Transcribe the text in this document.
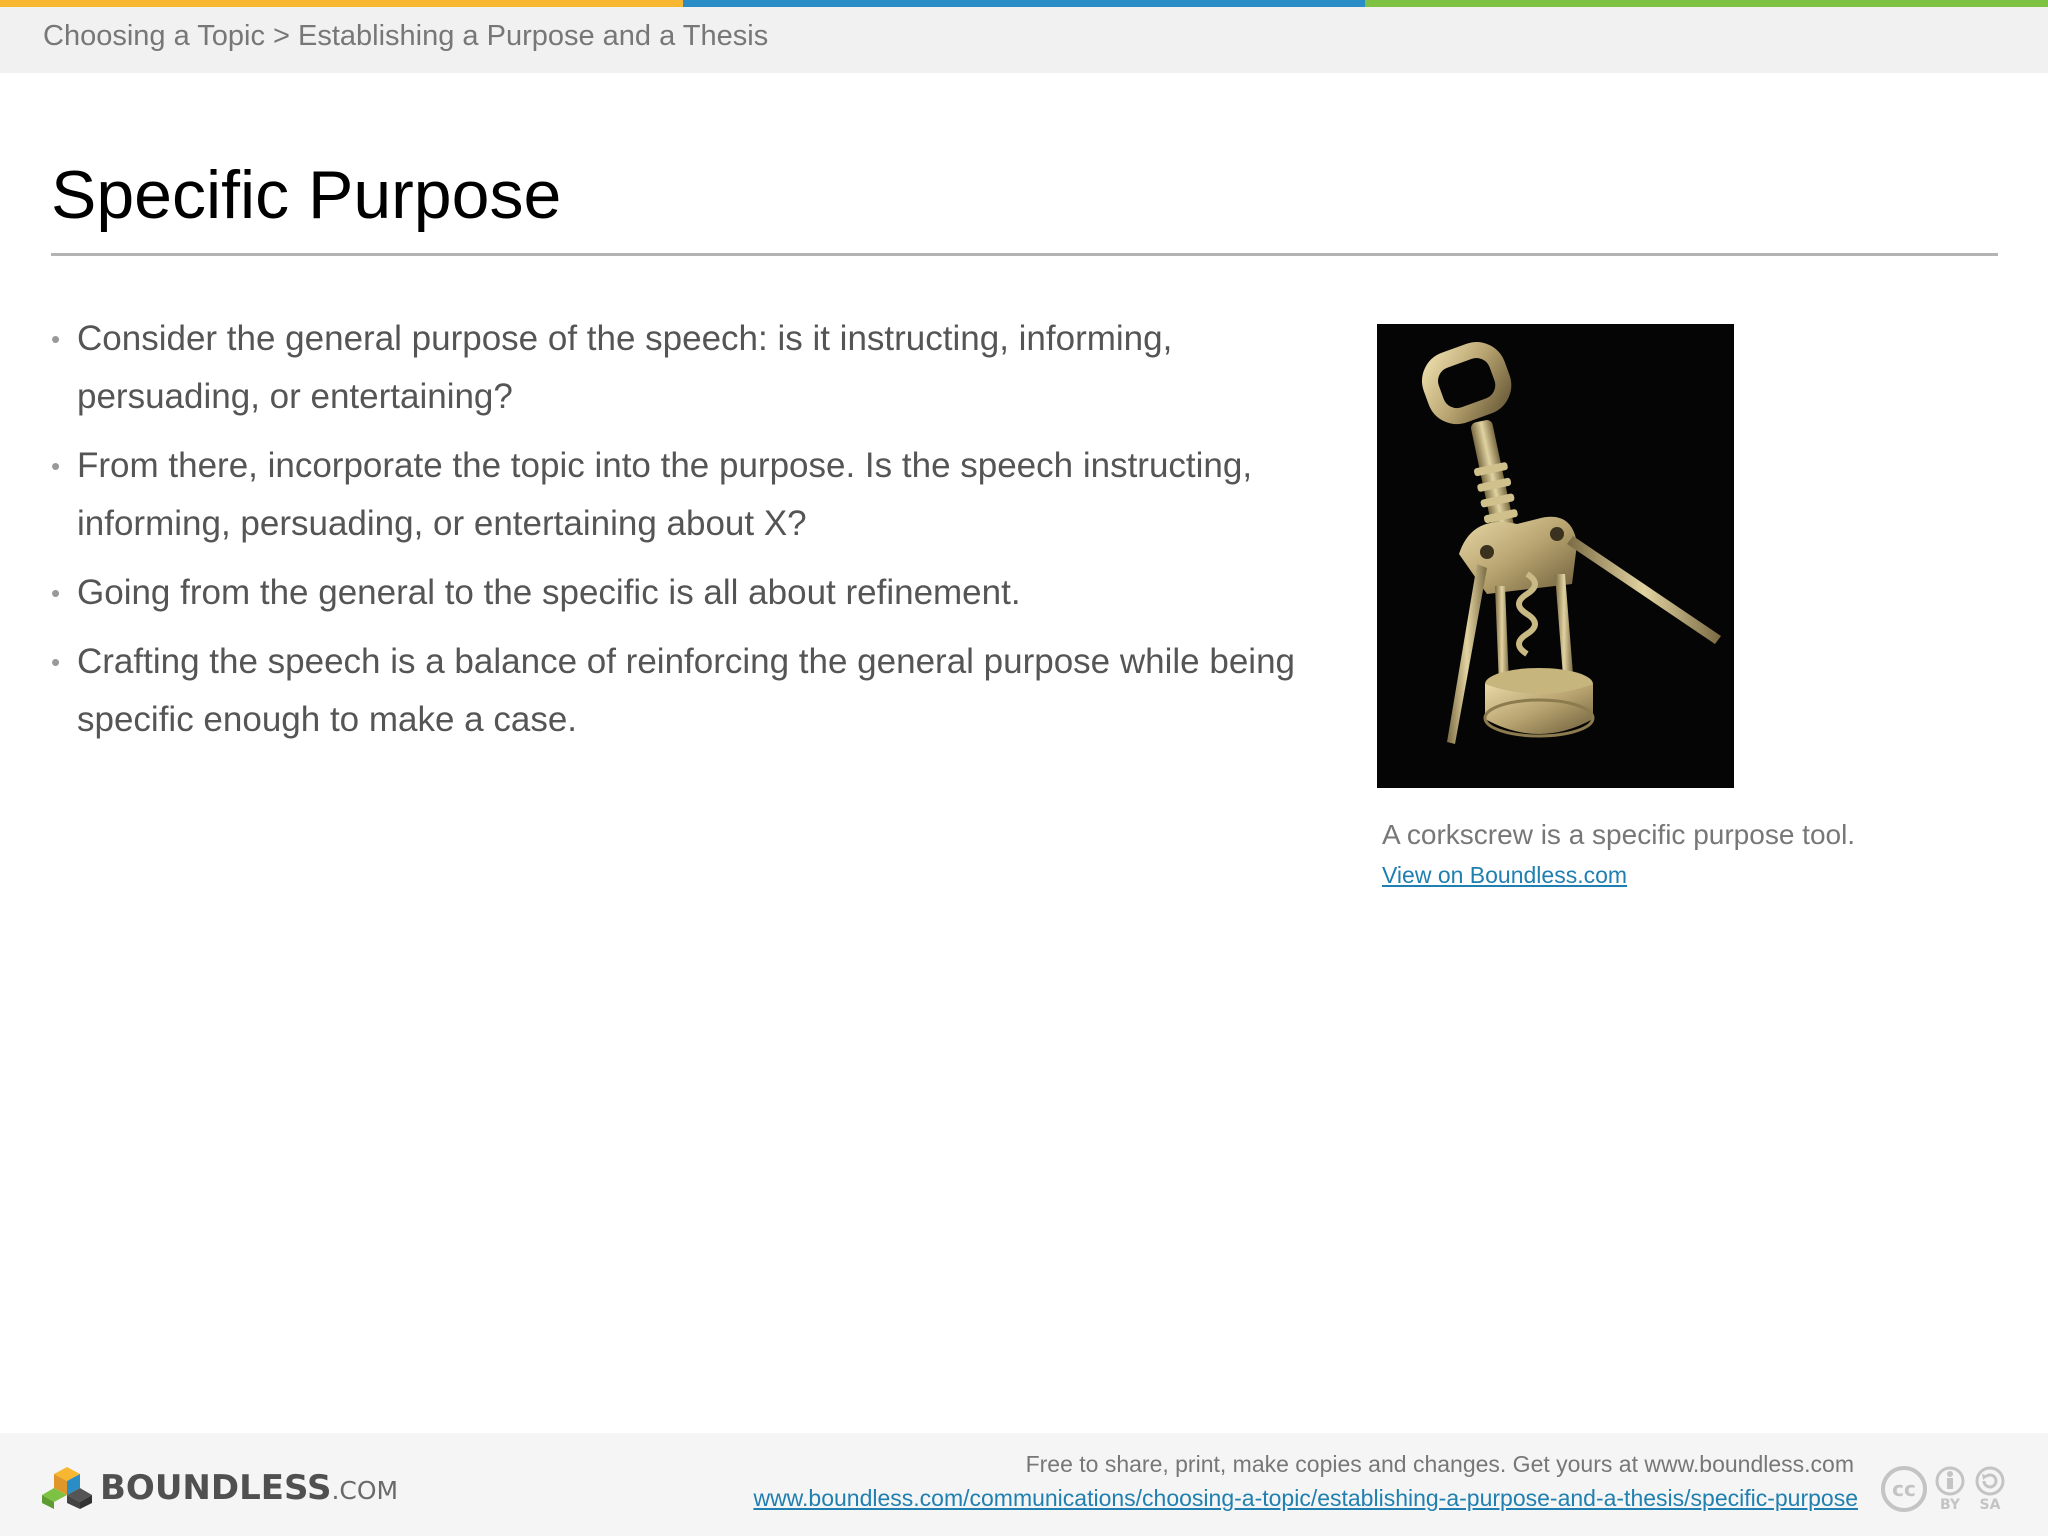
Choosing a Topic > Establishing a Purpose and a Thesis
Specific Purpose
• Consider the general purpose of the speech: is it instructing, informing, persuading, or entertaining?
• From there, incorporate the topic into the purpose. Is the speech instructing, informing, persuading, or entertaining about X?
• Going from the general to the specific is all about refinement.
• Crafting the speech is a balance of reinforcing the general purpose while being specific enough to make a case.
A corkscrew is a specific purpose tool.
View on Boundless.com
BOUNDLESS.COM
Free to share, print, make copies and changes. Get yours at www.boundless.com
www.boundless.com/communications/choosing-a-topic/establishing-a-purpose-and-a-thesis/specific-purpose cc
BY SA
